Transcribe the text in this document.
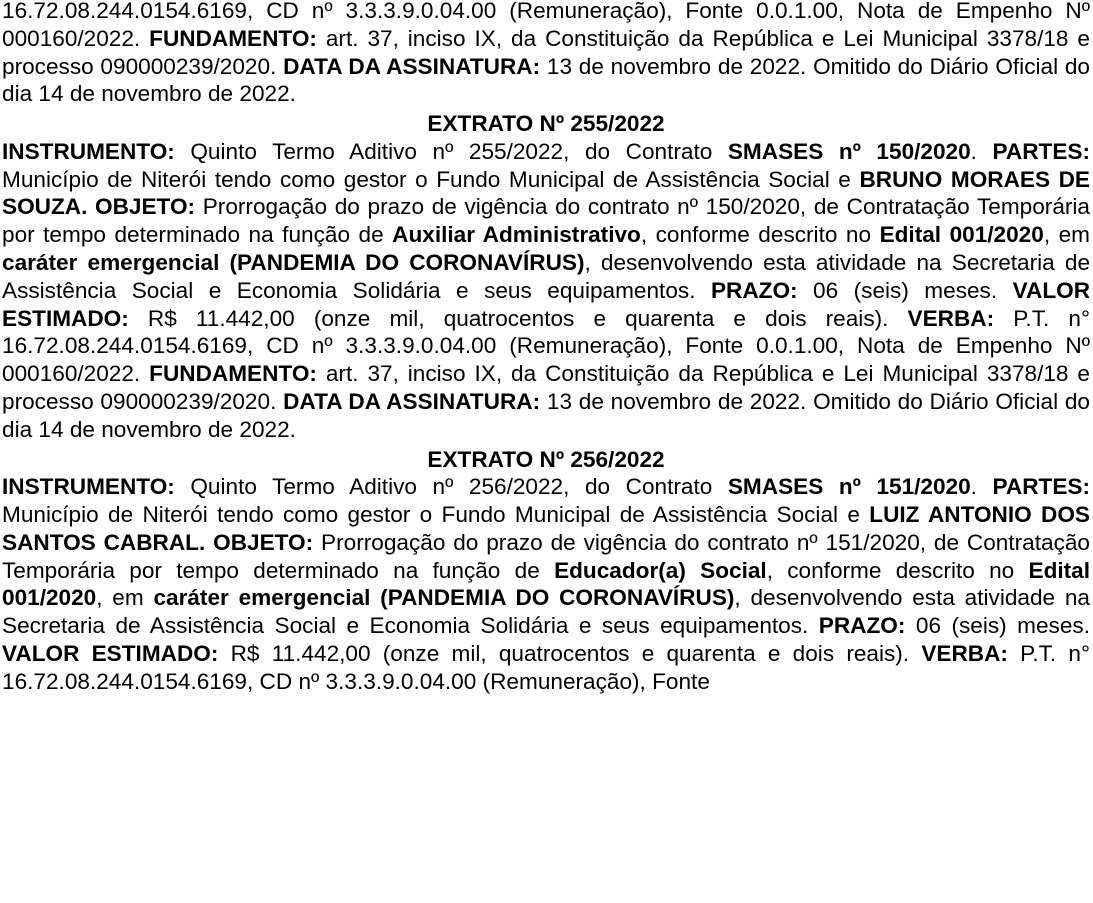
16.72.08.244.0154.6169, CD nº 3.3.3.9.0.04.00 (Remuneração), Fonte 0.0.1.00, Nota de Empenho Nº 000160/2022. FUNDAMENTO: art. 37, inciso IX, da Constituição da República e Lei Municipal 3378/18 e processo 090000239/2020. DATA DA ASSINATURA: 13 de novembro de 2022. Omitido do Diário Oficial do dia 14 de novembro de 2022.

EXTRATO Nº 255/2022

INSTRUMENTO: Quinto Termo Aditivo nº 255/2022, do Contrato SMASES nº 150/2020. PARTES: Município de Niterói tendo como gestor o Fundo Municipal de Assistência Social e BRUNO MORAES DE SOUZA. OBJETO: Prorrogação do prazo de vigência do contrato nº 150/2020, de Contratação Temporária por tempo determinado na função de Auxiliar Administrativo, conforme descrito no Edital 001/2020, em caráter emergencial (PANDEMIA DO CORONAVÍRUS), desenvolvendo esta atividade na Secretaria de Assistência Social e Economia Solidária e seus equipamentos. PRAZO: 06 (seis) meses. VALOR ESTIMADO: R$ 11.442,00 (onze mil, quatrocentos e quarenta e dois reais). VERBA: P.T. n° 16.72.08.244.0154.6169, CD nº 3.3.3.9.0.04.00 (Remuneração), Fonte 0.0.1.00, Nota de Empenho Nº 000160/2022. FUNDAMENTO: art. 37, inciso IX, da Constituição da República e Lei Municipal 3378/18 e processo 090000239/2020. DATA DA ASSINATURA: 13 de novembro de 2022. Omitido do Diário Oficial do dia 14 de novembro de 2022.

EXTRATO Nº 256/2022

INSTRUMENTO: Quinto Termo Aditivo nº 256/2022, do Contrato SMASES nº 151/2020. PARTES: Município de Niterói tendo como gestor o Fundo Municipal de Assistência Social e LUIZ ANTONIO DOS SANTOS CABRAL. OBJETO: Prorrogação do prazo de vigência do contrato nº 151/2020, de Contratação Temporária por tempo determinado na função de Educador(a) Social, conforme descrito no Edital 001/2020, em caráter emergencial (PANDEMIA DO CORONAVÍRUS), desenvolvendo esta atividade na Secretaria de Assistência Social e Economia Solidária e seus equipamentos. PRAZO: 06 (seis) meses. VALOR ESTIMADO: R$ 11.442,00 (onze mil, quatrocentos e quarenta e dois reais). VERBA: P.T. n° 16.72.08.244.0154.6169, CD nº 3.3.3.9.0.04.00 (Remuneração), Fonte
